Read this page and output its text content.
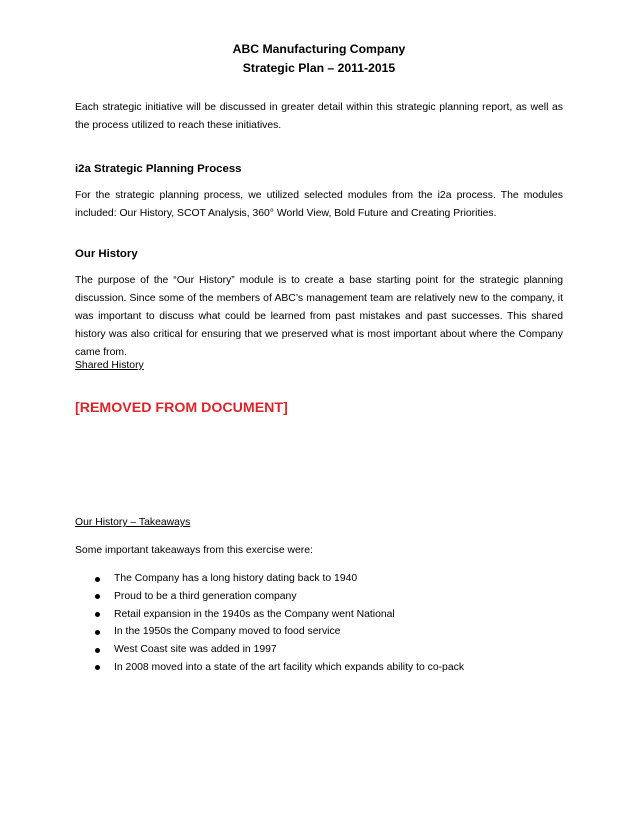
ABC Manufacturing Company
Strategic Plan – 2011-2015
Each strategic initiative will be discussed in greater detail within this strategic planning report, as well as the process utilized to reach these initiatives.
i2a Strategic Planning Process
For the strategic planning process, we utilized selected modules from the i2a process. The modules included: Our History, SCOT Analysis, 360° World View, Bold Future and Creating Priorities.
Our History
The purpose of the “Our History” module is to create a base starting point for the strategic planning discussion. Since some of the members of ABC’s management team are relatively new to the company, it was important to discuss what could be learned from past mistakes and past successes. This shared history was also critical for ensuring that we preserved what is most important about where the Company came from.
Shared History
[REMOVED FROM DOCUMENT]
Our History – Takeaways
Some important takeaways from this exercise were:
The Company has a long history dating back to 1940
Proud to be a third generation company
Retail expansion in the 1940s as the Company went National
In the 1950s the Company moved to food service
West Coast site was added in 1997
In 2008 moved into a state of the art facility which expands ability to co-pack
